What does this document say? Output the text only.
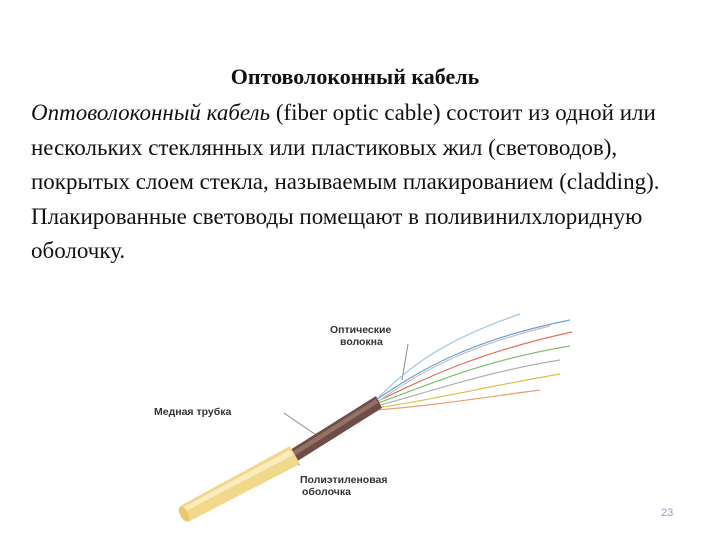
Оптоволоконный кабель
Оптоволоконный кабель (fiber optic cable) состоит из одной или нескольких стеклянных или пластиковых жил (световодов), покрытых слоем стекла, называемым плакированием (cladding). Плакированные световоды помещают в поливинилхлоридную оболочку.
Оптические
волокна
Медная трубка
Полиэтиленовая
оболочка
23
